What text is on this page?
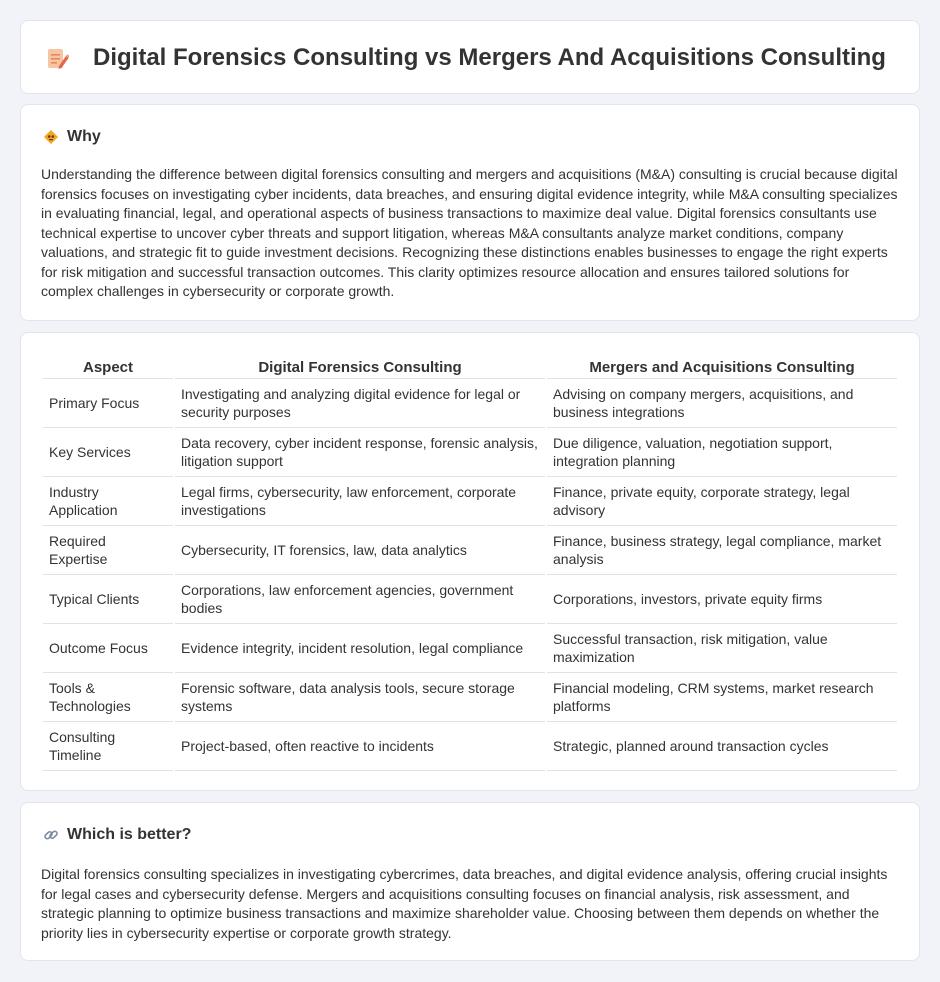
Digital Forensics Consulting vs Mergers And Acquisitions Consulting
Why

Understanding the difference between digital forensics consulting and mergers and acquisitions (M&A) consulting is crucial because digital forensics focuses on investigating cyber incidents, data breaches, and ensuring digital evidence integrity, while M&A consulting specializes in evaluating financial, legal, and operational aspects of business transactions to maximize deal value. Digital forensics consultants use technical expertise to uncover cyber threats and support litigation, whereas M&A consultants analyze market conditions, company valuations, and strategic fit to guide investment decisions. Recognizing these distinctions enables businesses to engage the right experts for risk mitigation and successful transaction outcomes. This clarity optimizes resource allocation and ensures tailored solutions for complex challenges in cybersecurity or corporate growth.

Aspect	Digital Forensics Consulting	Mergers and Acquisitions Consulting
Primary Focus	Investigating and analyzing digital evidence for legal or security purposes	Advising on company mergers, acquisitions, and business integrations
Key Services	Data recovery, cyber incident response, forensic analysis, litigation support	Due diligence, valuation, negotiation support, integration planning
Industry Application	Legal firms, cybersecurity, law enforcement, corporate investigations	Finance, private equity, corporate strategy, legal advisory
Required Expertise	Cybersecurity, IT forensics, law, data analytics	Finance, business strategy, legal compliance, market analysis
Typical Clients	Corporations, law enforcement agencies, government bodies	Corporations, investors, private equity firms
Outcome Focus	Evidence integrity, incident resolution, legal compliance	Successful transaction, risk mitigation, value maximization
Tools & Technologies	Forensic software, data analysis tools, secure storage systems	Financial modeling, CRM systems, market research platforms
Consulting Timeline	Project-based, often reactive to incidents	Strategic, planned around transaction cycles
Which is better?

Digital forensics consulting specializes in investigating cybercrimes, data breaches, and digital evidence analysis, offering crucial insights for legal cases and cybersecurity defense. Mergers and acquisitions consulting focuses on financial analysis, risk assessment, and strategic planning to optimize business transactions and maximize shareholder value. Choosing between them depends on whether the priority lies in cybersecurity expertise or corporate growth strategy.
